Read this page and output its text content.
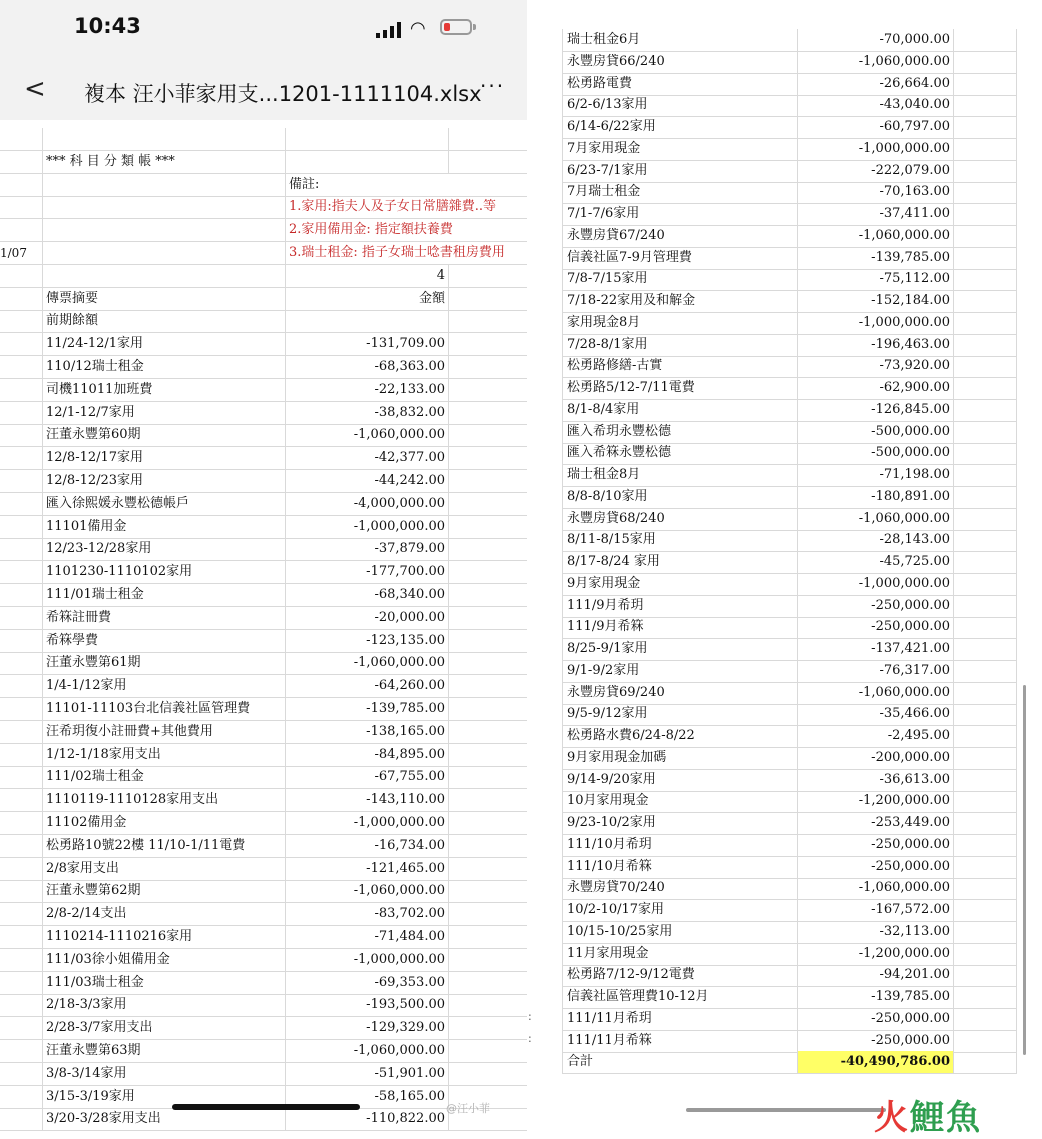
10:43	◠
< 複本 汪小菲家用支...1201-1111104.xlsx
···
*** 科 目 分 類 帳 ***
備註:
1.家用:指夫人及子女日常膳雜費..等
2.家用備用金: 指定額扶養費
1/07	3.瑞士租金: 指子女瑞士唸書租房費用
4
傳票摘要	金額
前期餘額
11/24-12/1家用	-131,709.00
110/12瑞士租金	-68,363.00
司機11011加班費	-22,133.00
12/1-12/7家用	-38,832.00
汪董永豐第60期	-1,060,000.00
12/8-12/17家用	-42,377.00
12/8-12/23家用	-44,242.00
匯入徐熙媛永豐松德帳戶	-4,000,000.00
11101備用金	-1,000,000.00
12/23-12/28家用	-37,879.00
1101230-1110102家用	-177,700.00
111/01瑞士租金	-68,340.00
希箖註冊費	-20,000.00
希箖學費	-123,135.00
汪董永豐第61期	-1,060,000.00
1/4-1/12家用	-64,260.00
11101-11103台北信義社區管理費	-139,785.00
汪希玥復小註冊費+其他費用	-138,165.00
1/12-1/18家用支出	-84,895.00
111/02瑞士租金	-67,755.00
1110119-1110128家用支出	-143,110.00
11102備用金	-1,000,000.00
松勇路10號22樓 11/10-1/11電費	-16,734.00
2/8家用支出	-121,465.00
汪董永豐第62期	-1,060,000.00
2/8-2/14支出	-83,702.00
1110214-1110216家用	-71,484.00
111/03徐小姐備用金	-1,000,000.00
111/03瑞士租金	-69,353.00
2/18-3/3家用	-193,500.00
2/28-3/7家用支出	-129,329.00
汪董永豐第63期	-1,060,000.00
3/8-3/14家用	-51,901.00
3/15-3/19家用	-58,165.00
3/20-3/28家用支出	-110,822.00
瑞士租金6月	-70,000.00
永豐房貸66/240	-1,060,000.00
松勇路電費	-26,664.00
6/2-6/13家用	-43,040.00
6/14-6/22家用	-60,797.00
7月家用現金	-1,000,000.00
6/23-7/1家用	-222,079.00
7月瑞士租金	-70,163.00
7/1-7/6家用	-37,411.00
永豐房貸67/240	-1,060,000.00
信義社區7-9月管理費	-139,785.00
7/8-7/15家用	-75,112.00
7/18-22家用及和解金	-152,184.00
家用現金8月	-1,000,000.00
7/28-8/1家用	-196,463.00
松勇路修繕-古實	-73,920.00
松勇路5/12-7/11電費	-62,900.00
8/1-8/4家用	-126,845.00
匯入希玥永豐松德	-500,000.00
匯入希箖永豐松德	-500,000.00
瑞士租金8月	-71,198.00
8/8-8/10家用	-180,891.00
永豐房貸68/240	-1,060,000.00
8/11-8/15家用	-28,143.00
8/17-8/24 家用	-45,725.00
9月家用現金	-1,000,000.00
111/9月希玥	-250,000.00
111/9月希箖	-250,000.00
8/25-9/1家用	-137,421.00
9/1-9/2家用	-76,317.00
永豐房貸69/240	-1,060,000.00
9/5-9/12家用	-35,466.00
松勇路水費6/24-8/22	-2,495.00
9月家用現金加碼	-200,000.00
9/14-9/20家用	-36,613.00
10月家用現金	-1,200,000.00
9/23-10/2家用	-253,449.00
111/10月希玥	-250,000.00
111/10月希箖	-250,000.00
永豐房貸70/240	-1,060,000.00
10/2-10/17家用	-167,572.00
10/15-10/25家用	-32,113.00
11月家用現金	-1,200,000.00
松勇路7/12-9/12電費	-94,201.00
信義社區管理費10-12月	-139,785.00
111/11月希玥	-250,000.00
111/11月希箖	-250,000.00
合計	-40,490,786.00
:
:
@汪小菲	火鯉魚
